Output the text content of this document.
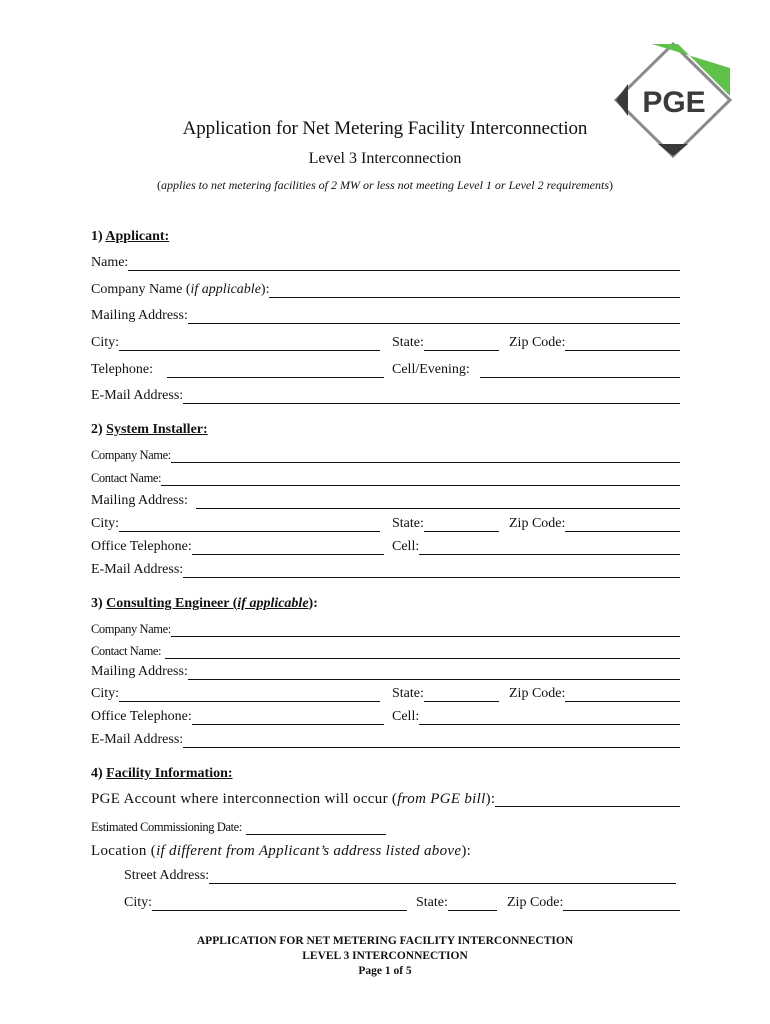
PGE
Application for Net Metering Facility Interconnection
Level 3 Interconnection
(applies to net metering facilities of 2 MW or less not meeting Level 1 or Level 2 requirements)
1) Applicant:
Name:
Company Name (if applicable):
Mailing Address:
City:	State:	Zip Code:
Telephone:	Cell/Evening:
E-Mail Address:
2) System Installer:
Company Name:
Contact Name:
Mailing Address:
City:	State:	Zip Code:
Office Telephone:	Cell:
E-Mail Address:
3) Consulting Engineer (if applicable):
Company Name:
Contact Name:
Mailing Address:
City:	State:	Zip Code:
Office Telephone:	Cell:
E-Mail Address:
4) Facility Information:
PGE Account where interconnection will occur (from PGE bill):
Estimated Commissioning Date:
Location (if different from Applicant’s address listed above):
Street Address:
City:	State:	Zip Code:
APPLICATION FOR NET METERING FACILITY INTERCONNECTION
LEVEL 3 INTERCONNECTION
Page 1 of 5
